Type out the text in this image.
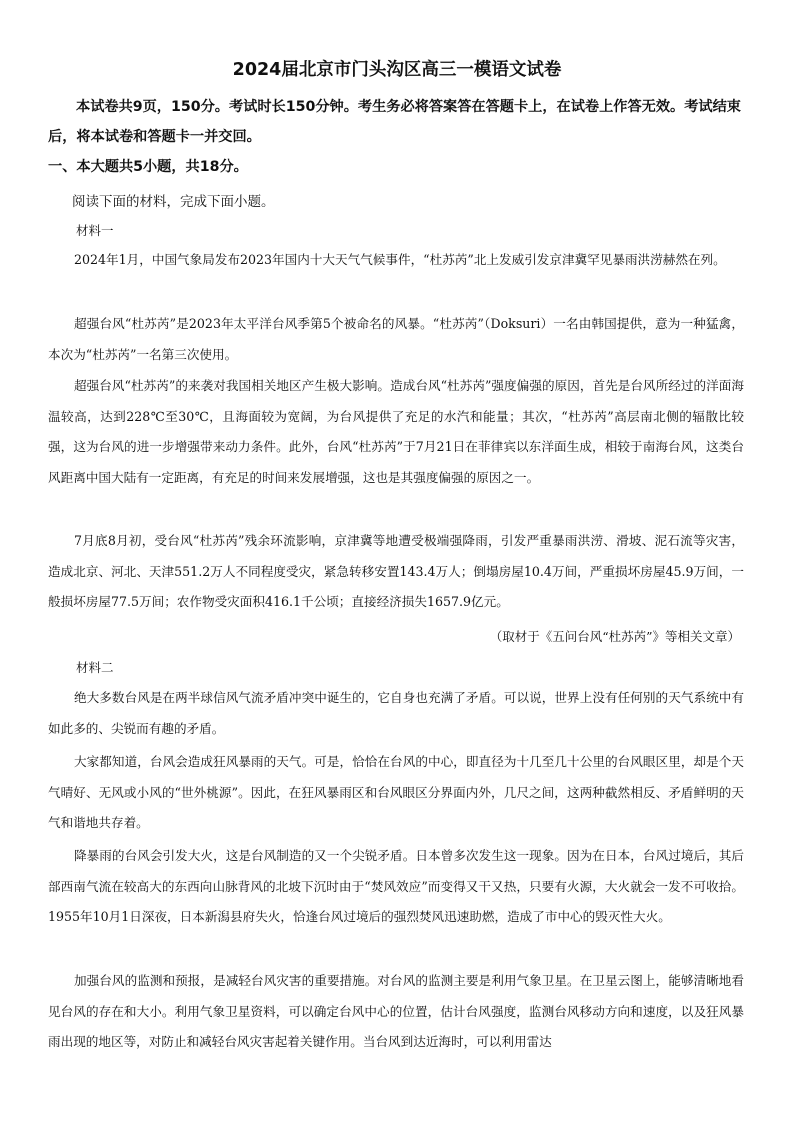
2024届北京市门头沟区高三一模语文试卷
本试卷共9页，150分。考试时长150分钟。考生务必将答案答在答题卡上，在试卷上作答无效。考试结束后，将本试卷和答题卡一并交回。
一、本大题共5小题，共18分。
阅读下面的材料，完成下面小题。
材料一

2024年1月，中国气象局发布2023年国内十大天气气候事件，“杜苏芮”北上发威引发京津冀罕见暴雨洪涝赫然在列。

超强台风“杜苏芮”是2023年太平洋台风季第5个被命名的风暴。“杜苏芮”（Doksuri）一名由韩国提供，意为一种猛禽，本次为“杜苏芮”一名第三次使用。

超强台风“杜苏芮”的来袭对我国相关地区产生极大影响。造成台风“杜苏芮”强度偏强的原因，首先是台风所经过的洋面海温较高，达到228℃至30℃，且海面较为宽阔，为台风提供了充足的水汽和能量；其次，“杜苏芮”高层南北侧的辐散比较强，这为台风的进一步增强带来动力条件。此外，台风“杜苏芮”于7月21日在菲律宾以东洋面生成，相较于南海台风，这类台风距离中国大陆有一定距离，有充足的时间来发展增强，这也是其强度偏强的原因之一。

7月底8月初，受台风“杜苏芮”残余环流影响，京津冀等地遭受极端强降雨，引发严重暴雨洪涝、滑坡、泥石流等灾害，造成北京、河北、天津551.2万人不同程度受灾，紧急转移安置143.4万人；倒塌房屋10.4万间，严重损坏房屋45.9万间，一般损坏房屋77.5万间；农作物受灾面积416.1千公顷；直接经济损失1657.9亿元。

（取材于《五问台风“杜苏芮”》等相关文章）
材料二

绝大多数台风是在两半球信风气流矛盾冲突中诞生的，它自身也充满了矛盾。可以说，世界上没有任何别的天气系统中有如此多的、尖锐而有趣的矛盾。

大家都知道，台风会造成狂风暴雨的天气。可是，恰恰在台风的中心，即直径为十几至几十公里的台风眼区里，却是个天气晴好、无风或小风的“世外桃源”。因此，在狂风暴雨区和台风眼区分界面内外，几尺之间，这两种截然相反、矛盾鲜明的天气和谐地共存着。

降暴雨的台风会引发大火，这是台风制造的又一个尖锐矛盾。日本曾多次发生这一现象。因为在日本，台风过境后，其后部西南气流在较高大的东西向山脉背风的北坡下沉时由于“焚风效应”而变得又干又热，只要有火源，大火就会一发不可收拾。1955年10月1日深夜，日本新潟县府失火，恰逢台风过境后的强烈焚风迅速助燃，造成了市中心的毁灭性大火。

加强台风的监测和预报，是减轻台风灾害的重要措施。对台风的监测主要是利用气象卫星。在卫星云图上，能够清晰地看见台风的存在和大小。利用气象卫星资料，可以确定台风中心的位置，估计台风强度，监测台风移动方向和速度，以及狂风暴雨出现的地区等，对防止和减轻台风灾害起着关键作用。当台风到达近海时，可以利用雷达
